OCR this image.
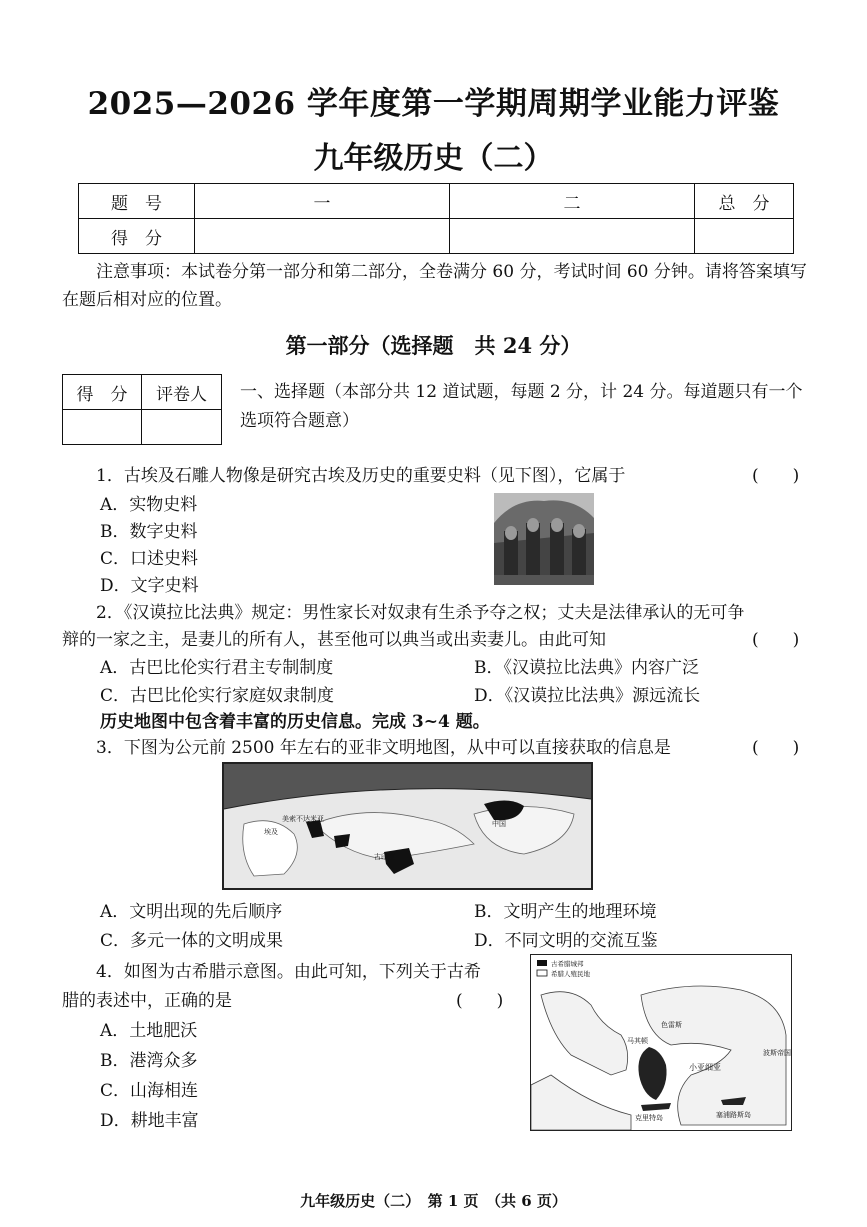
2025—2026 学年度第一学期周期学业能力评鉴
九年级历史（二）
题　号	一	二	总　分
得　分			
注意事项：本试卷分第一部分和第二部分，全卷满分 60 分，考试时间 60 分钟。请将答案填写在题后相对应的位置。
第一部分（选择题　共 24 分）
得　分	评卷人
	一、选择题（本部分共 12 道试题，每题 2 分，计 24 分。每道题只有一个选项符合题意）
1．古埃及石雕人物像是研究古埃及历史的重要史料（见下图），它属于	(　　)
A．实物史料
B．数字史料
C．口述史料
D．文字史料
2．《汉谟拉比法典》规定：男性家长对奴隶有生杀予夺之权；丈夫是法律承认的无可争
辩的一家之主，是妻儿的所有人，甚至他可以典当或出卖妻儿。由此可知	(　　)
A．古巴比伦实行君主专制制度	B．《汉谟拉比法典》内容广泛
C．古巴比伦实行家庭奴隶制度	D．《汉谟拉比法典》源远流长
历史地图中包含着丰富的历史信息。完成 3~4 题。
3．下图为公元前 2500 年左右的亚非文明地图，从中可以直接获取的信息是	(　　)
美索不达米亚
埃及
古印度
中国
A．文明出现的先后顺序	B．文明产生的地理环境
C．多元一体的文明成果	D．不同文明的交流互鉴
4．如图为古希腊示意图。由此可知，下列关于古希
腊的表述中，正确的是	(　　)
A．土地肥沃
B．港湾众多
C．山海相连
D．耕地丰富
古希腊城邦
希腊人殖民地
色雷斯
马其顿
小亚细亚
波斯帝国
克里特岛	塞浦路斯岛
九年级历史（二）　第 1 页　（共 6 页）
